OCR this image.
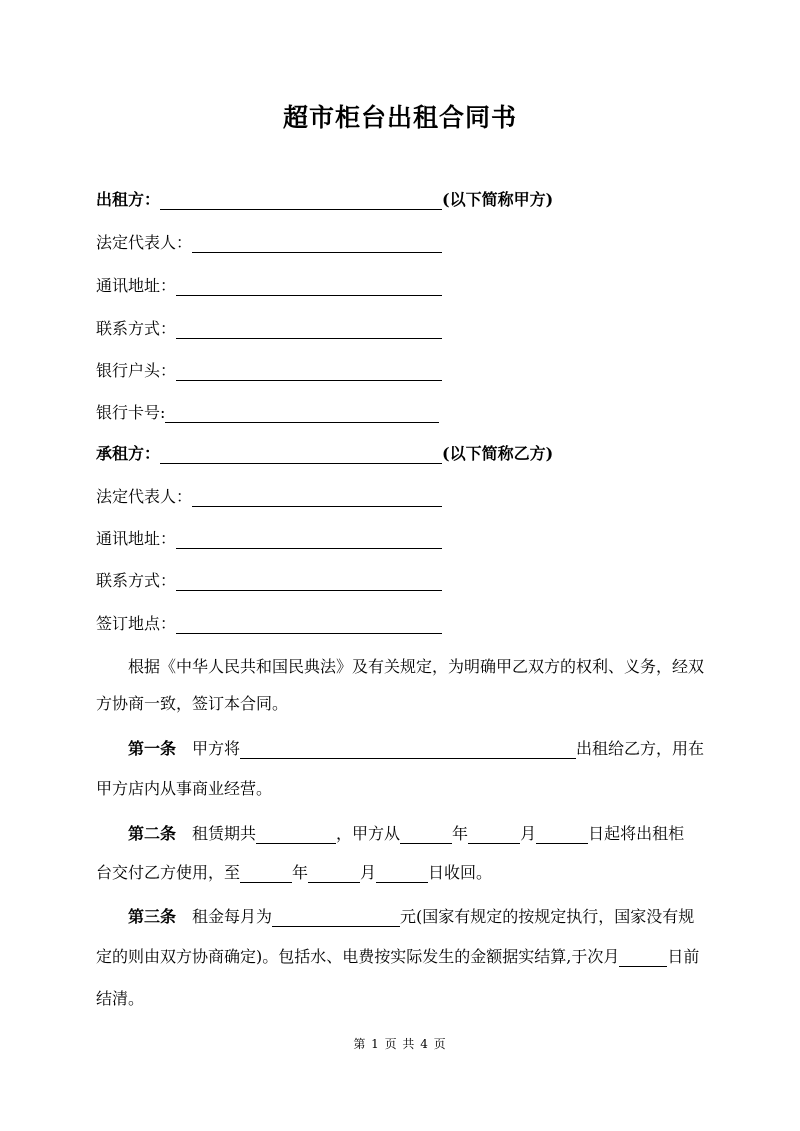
超市柜台出租合同书
出租方：	(以下简称甲方)
法定代表人：
通讯地址：
联系方式：
银行户头：
银行卡号:
承租方：	(以下简称乙方)
法定代表人：
通讯地址：
联系方式：
签订地点：
根据《中华人民共和国民典法》及有关规定，为明确甲乙双方的权利、义务，经双
方协商一致，签订本合同。
第一条 甲方将	出租给乙方，用在
甲方店内从事商业经营。
第二条 租赁期共	，甲方从	年	月	日起将出租柜
台交付乙方使用，至	年	月	日收回。
第三条 租金每月为	元(国家有规定的按规定执行，国家没有规
定的则由双方协商确定)。包括水、电费按实际发生的金额据实结算,于次月	日前
结清。
第 1 页 共 4 页
